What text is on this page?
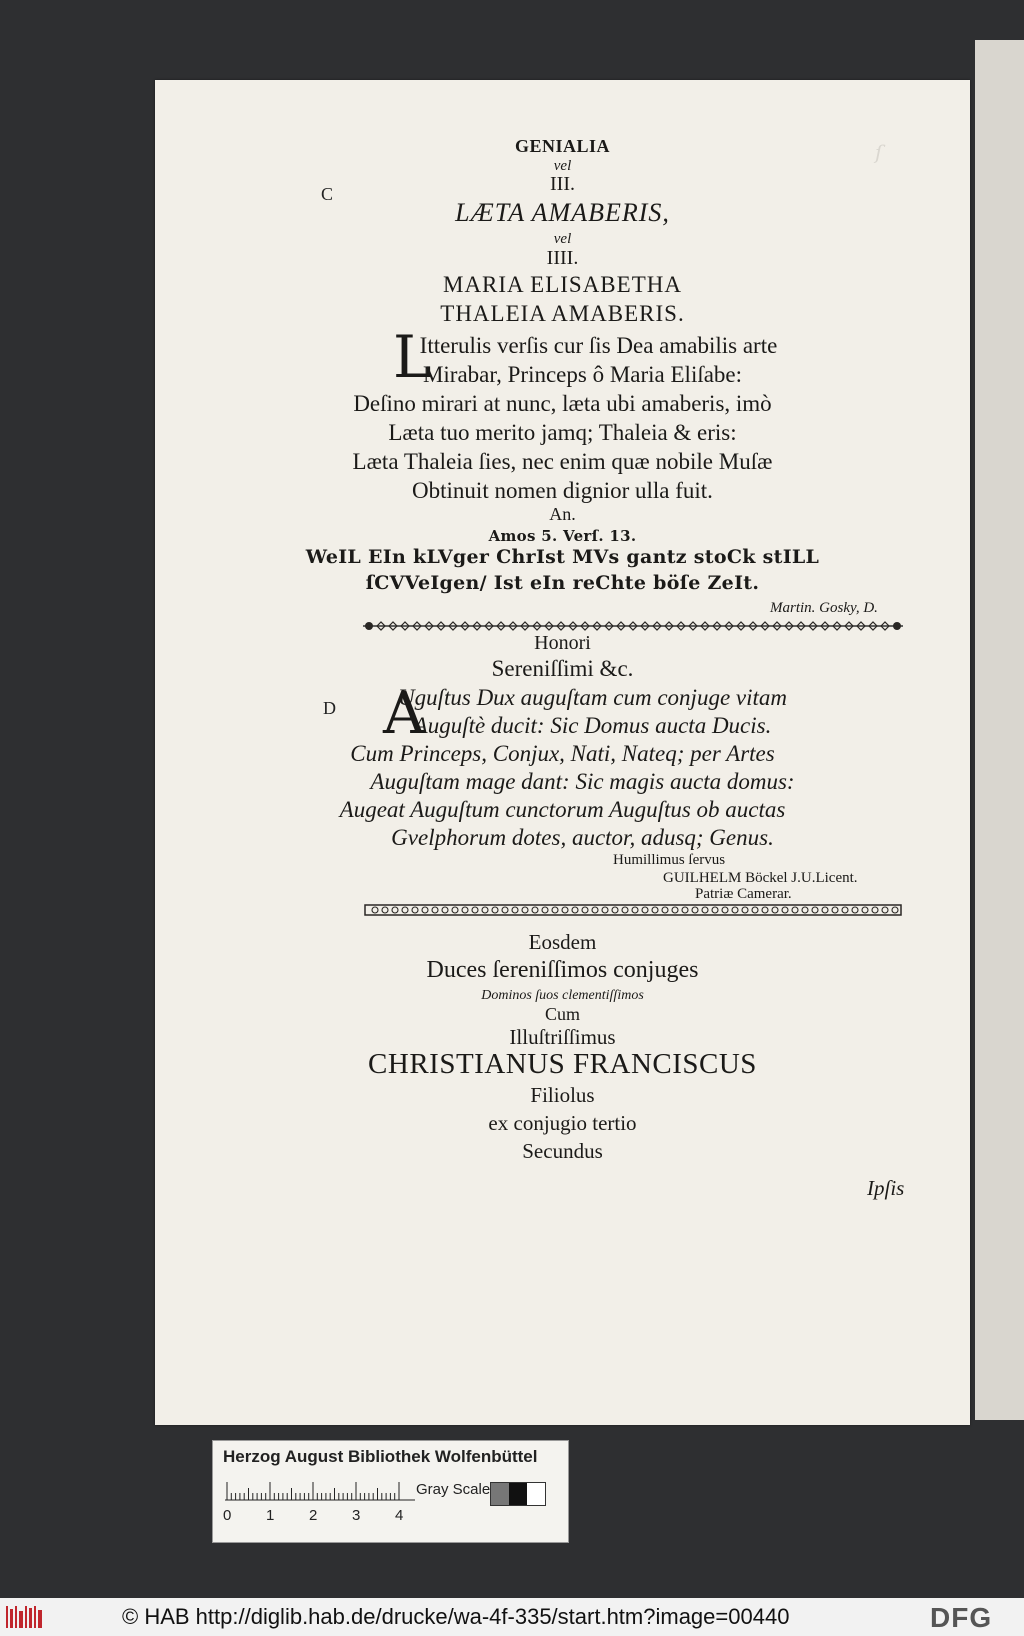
ſ
C
D
GENIALIA
vel
III.
LÆTA AMABERIS,
vel
IIII.
MARIA ELISABETHA
THALEIA AMABERIS.
L
Itterulis verſis cur ſis Dea amabilis arte
Mirabar, Princeps ô Maria Eliſabe:
Deſino mirari at nunc, læta ubi amaberis, imò
Læta tuo merito jamq; Thaleia & eris:
Læta Thaleia ſies, nec enim quæ nobile Muſæ
Obtinuit nomen dignior ulla fuit.
An.
Amos 5. Verſ. 13.
WeIL EIn kLVger ChrIst MVs gantz stoCk stILL
ſCVVeIgen/ Ist eIn reChte böſe ZeIt.
Martin. Gosky, D.
Honori
Sereniſſimi &c.
A
Uguſtus Dux auguſtam cum conjuge vitam
Auguſtè ducit: Sic Domus aucta Ducis.
Cum Princeps, Conjux, Nati, Nateq; per Artes
Auguſtam mage dant: Sic magis aucta domus:
Augeat Auguſtum cunctorum Auguſtus ob auctas
Gvelphorum dotes, auctor, adusq; Genus.
Humillimus ſervus
GUILHELM Böckel J.U.Licent.
Patriæ Camerar.
Eosdem
Duces ſereniſſimos conjuges
Dominos ſuos clementiſſimos
Cum
Illuſtriſſimus
CHRISTIANUS FRANCISCUS
Filiolus
ex conjugio tertio
Secundus
Ipſis
Herzog August Bibliothek Wolfenbüttel
0 1 2 3 4
Gray Scale
© HAB http://diglib.hab.de/drucke/wa-4f-335/start.htm?image=00440	DFG
